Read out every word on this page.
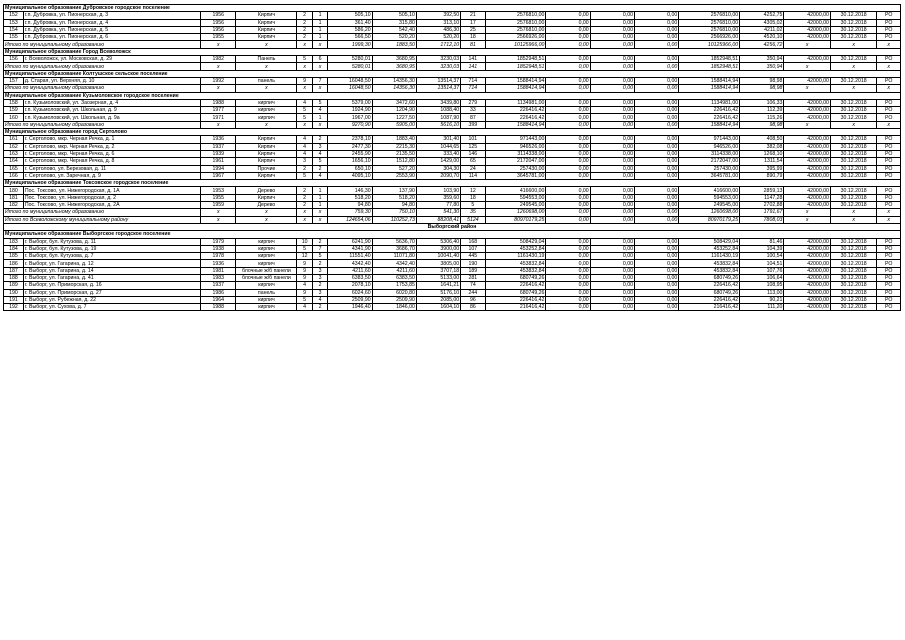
Муниципальное образование Дубровское городское поселение																		
152	г.п. Дубровка, ул. Пионерская, д. 3	1956	Кирпич	2	1	505,10	505,10	392,50	21	2576810,00	0,00	0,00	0,00	2576810,00	4252,75	42000,00	30.12.2018	РО
153	г.п. Дубровка, ул. Пионерская, д. 4	1956	Кирпич	2	1	361,40	315,80	313,10	17	2576810,00	0,00	0,00	0,00	2576810,00	4305,02	42000,00	30.12.2018	РО
154	г.п. Дубровка, ул. Пионерская, д. 5	1956	Кирпич	2	1	586,20	542,40	486,30	25	2576810,00	0,00	0,00	0,00	2576810,00	4211,02	42000,00	30.12.2018	РО
155	г.п. Дубровка, ул. Пионерская, д. 6	1955	Кирпич	2	1	566,50	520,20	520,20	18	2566926,00	0,00	0,00	0,00	2566926,00	4520,10	42000,00	30.12.2018	РО
Итого по муниципальному образованию		х	х	х	х	1999,30	1883,50	1712,10	81	10125966,00	0,00	0,00	0,00	10125966,00	4256,72	х	х	х
Муниципальное образование Город Всеволожск																		
156	г. Всеволожск, ул. Московская, д. 29	1982	Панель	5	6	5280,01	3680,95	3230,03	141	1852948,51	0,00	0,00	0,00	1852948,51	350,94	42000,00	30.12.2018	РО
Итого по муниципальному образованию		х	х	х	х	5280,01	3680,95	3230,03	141	1852948,51	0,00	0,00	0,00	1852948,51	350,94	х	х	х
Муниципальное образование Колтушское сельское поселение																		
157	д. Старая, ул. Верхняя, д. 10	1992	панель	9	7	16048,50	14356,30	13514,37	714	1588414,94	0,00	0,00	0,00	1588414,94	98,98	42000,00	30.12.2018	РО
Итого по муниципальному образованию		х	х	х	х	16048,50	14356,30	13514,37	714	1588414,94	0,00	0,00	0,00	1588414,94	98,98	х	х	х
Муниципальное образование Кузьмоловское городское поселение																		
158	г.п. Кузьмоловский, ул. Заозерная, д. 4	1988	кирпич	4	5	5379,00	3472,60	3439,80	279	1134981,00	0,00	0,00	0,00	1134981,00	106,33	42000,00	30.12.2018	РО
159	г.п. Кузьмоловский, ул. Школьная, д. 9	1977	кирпич	5	4	1924,90	1204,90	1088,40	33	226416,42	0,00	0,00	0,00	226416,42	112,39	42000,00	30.12.2018	РО
160	г.п. Кузьмоловский, ул. Школьная, д. 9а	1971	кирпич	5	1	1967,00	1227,50	1087,90	87	226416,42	0,00	0,00	0,00	226416,42	115,26	42000,00	30.12.2018	РО
Итого по муниципальному образованию		х	х	х	х	9270,90	5905,00	5616,10	399	1588414,94	0,00	0,00	0,00	1588414,94	98,98	х	х	х
Муниципальное образование город Сертолово																		
161	г. Сертолово, мкр. Черная Речка, д. 1	1936	Кирпич	4	2	2378,10	1883,40	301,40	101	971443,00	0,00	0,00	0,00	971443,00	408,50	42000,00	30.12.2018	РО
162	г. Сертолово, мкр. Черная Речка, д. 2	1937	Кирпич	4	3	2477,30	2215,30	1044,65	125	946526,00	0,00	0,00	0,00	946526,00	382,08	42000,00	30.12.2018	РО
163	г. Сертолово, мкр. Черная Речка, д. 6	1939	Кирпич	4	4	2455,90	2135,50	333,40	146	3114338,00	0,00	0,00	0,00	3114338,00	1268,10	42000,00	30.12.2018	РО
164	г. Сертолово, мкр. Черная Речка, д. 8	1961	Кирпич	3	5	1656,10	1512,80	1429,00	65	2172047,00	0,00	0,00	0,00	2172047,00	1311,54	42000,00	30.12.2018	РО
165	г. Сертолово, ул. Березовая, д. 11	1994	Прочие	2	2	650,10	527,20	304,30	24	257430,00	0,00	0,00	0,00	257430,00	395,99	42000,00	30.12.2018	РО
166	г. Сертолово, ул. Заречная, д. 9	1967	Кирпич	5	4	4095,10	2553,90	2090,70	114	3645781,00	0,00	0,00	0,00	3645781,00	890,79	42000,00	30.12.2018	РО
Муниципальное образование Токсовское городское поселение																		
180	Пос. Токсово, ул. Нижегородская, д. 1А	1953	Дерево	2	1	146,30	137,90	103,90	12	416600,00	0,00	0,00	0,00	416600,00	2859,13	42000,00	30.12.2018	РО
181	Пос. Токсово, ул. Нижегородская, д. 2	1955	Кирпич	2	1	518,20	518,20	359,60	18	594553,00	0,00	0,00	0,00	594553,00	1147,28	42000,00	30.12.2018	РО
182	Пос. Токсово, ул. Нижегородская, д. 2А	1959	Дерево	2	1	94,80	94,80	77,80	5	249545,00	0,00	0,00	0,00	249545,00	2702,88	42000,00	30.12.2018	РО
Итого по муниципальному образованию		х	х	х	х	759,30	750,10	541,30	35	1260698,00	0,00	0,00	0,00	1260698,00	1791,67	х	х	х
Итого по Всеволожскому муниципальному району		х	х	х	х	124654,06	110252,73	88208,41	5124	80970179,25	0,00	0,00	0,00	80970179,25	7808,03	х	х	х
Выборгский район																		
Муниципальное образование Выборгское городское поселение																		
183	г. Выборг, бул. Кутузова, д. 11	1979	кирпич	10	2	6241,90	5636,70	5306,40	168	508429,04	0,00	0,00	0,00	508429,04	81,46	42000,00	30.12.2018	РО
184	г. Выборг, бул. Кутузова, д. 19	1938	кирпич	5	7	4341,90	3686,70	3900,00	107	453252,84	0,00	0,00	0,00	453252,84	104,39	42000,00	30.12.2018	РО
185	г. Выборг, бул. Кутузова, д. 7	1978	кирпич	12	5	11551,40	11071,80	10041,40	445	1161430,19	0,00	0,00	0,00	1161430,19	100,54	42000,00	30.12.2018	РО
186	г. Выборг, ул. Гагарина, д. 12	1936	кирпич	9	2	4342,40	4342,40	3805,00	190	453832,84	0,00	0,00	0,00	453832,84	104,51	42000,00	30.12.2018	РО
187	г. Выборг, ул. Гагарина, д. 14	1981	блочные ж/б панели	9	3	4211,60	4211,60	3707,18	189	453832,84	0,00	0,00	0,00	453832,84	107,76	42000,00	30.12.2018	РО
188	г. Выборг, ул. Гагарина, д. 41	1983	блочные ж/б панели	9	3	6383,50	6383,50	5133,00	281	680749,26	0,00	0,00	0,00	680749,26	106,64	42000,00	30.12.2018	РО
189	г. Выборг, ул. Приморская, д. 16	1937	кирпич	4	2	2078,10	1753,85	1641,21	74	226416,42	0,00	0,00	0,00	226416,42	108,95	42000,00	30.12.2018	РО
190	г. Выборг, ул. Приморская, д. 27	1986	панель	9	3	6024,60	6020,80	5176,10	244	680749,26	0,00	0,00	0,00	680749,26	113,00	42000,00	30.12.2018	РО
191	г. Выборг, ул. Рубежная, д. 22	1964	кирпич	5	4	2509,90	2509,90	2085,00	96	226416,42	0,00	0,00	0,00	226416,42	90,21	42000,00	30.12.2018	РО
192	г. Выборг, ул. Сухова, д. 7	1988	кирпич	4	2	1946,40	1846,00	1604,10	86	216416,42	0,00	0,00	0,00	216416,42	111,20	42000,00	30.12.2018	РО
